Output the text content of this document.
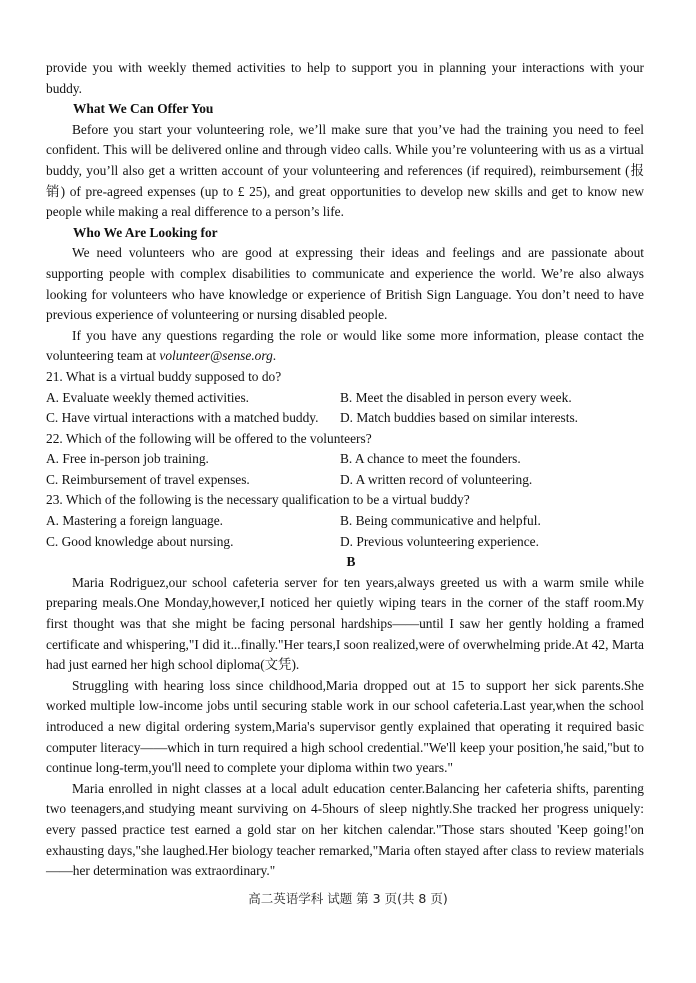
provide you with weekly themed activities to help to support you in planning your interactions with your buddy.

What We Can Offer You

Before you start your volunteering role, we’ll make sure that you’ve had the training you need to feel confident. This will be delivered online and through video calls. While you’re volunteering with us as a virtual buddy, you’ll also get a written account of your volunteering and references (if required), reimbursement (报销) of pre-agreed expenses (up to £ 25), and great opportunities to develop new skills and get to know new people while making a real difference to a person’s life.

Who We Are Looking for

We need volunteers who are good at expressing their ideas and feelings and are passionate about supporting people with complex disabilities to communicate and experience the world. We’re also always looking for volunteers who have knowledge or experience of British Sign Language. You don’t need to have previous experience of volunteering or nursing disabled people.

If you have any questions regarding the role or would like some more information, please contact the volunteering team at volunteer@sense.org.

21. What is a virtual buddy supposed to do?
A. Evaluate weekly themed activities.	B. Meet the disabled in person every week.
C. Have virtual interactions with a matched buddy.	D. Match buddies based on similar interests.
22. Which of the following will be offered to the volunteers?
A. Free in-person job training.	B. A chance to meet the founders.
C. Reimbursement of travel expenses.	D. A written record of volunteering.
23. Which of the following is the necessary qualification to be a virtual buddy?
A. Mastering a foreign language.	B. Being communicative and helpful.
C. Good knowledge about nursing.	D. Previous volunteering experience.
B

Maria Rodriguez,our school cafeteria server for ten years,always greeted us with a warm smile while preparing meals.One Monday,however,I noticed her quietly wiping tears in the corner of the staff room.My first thought was that she might be facing personal hardships——until I saw her gently holding a framed certificate and whispering,"I did it...finally."Her tears,I soon realized,were of overwhelming pride.At 42, Marta had just earned her high school diploma(文凭).

Struggling with hearing loss since childhood,Maria dropped out at 15 to support her sick parents.She worked multiple low-income jobs until securing stable work in our school cafeteria.Last year,when the school introduced a new digital ordering system,Maria's supervisor gently explained that operating it required basic computer literacy——which in turn required a high school credential."We'll keep your position,'he said,"but to continue long-term,you'll need to complete your diploma within two years."

Maria enrolled in night classes at a local adult education center.Balancing her cafeteria shifts, parenting two teenagers,and studying meant surviving on 4-5hours of sleep nightly.She tracked her progress uniquely: every passed practice test earned a gold star on her kitchen calendar."Those stars shouted 'Keep going!'on exhausting days,"she laughed.Her biology teacher remarked,"Maria often stayed after class to review materials——her determination was extraordinary."

高二英语学科 试题 第 3 页(共 8 页)
